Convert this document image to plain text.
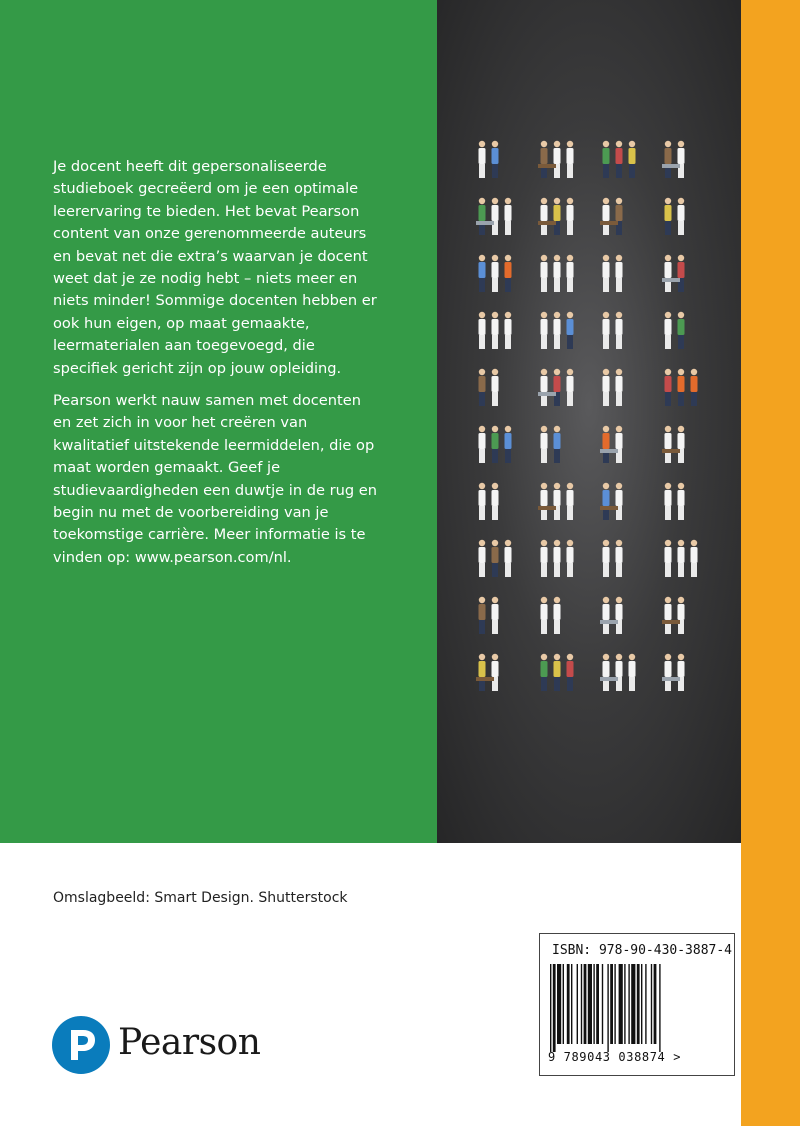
Je docent heeft dit gepersonaliseerde studieboek gecreëerd om je een optimale leerervaring te bieden. Het bevat Pearson content van onze gerenommeerde auteurs en bevat net die extra’s waarvan je docent weet dat je ze nodig hebt – niets meer en niets minder! Sommige docenten hebben er ook hun eigen, op maat gemaakte, leermaterialen aan toegevoegd, die specifiek gericht zijn op jouw opleiding.

Pearson werkt nauw samen met docenten en zet zich in voor het creëren van kwalitatief uitstekende leermiddelen, die op maat worden gemaakt. Geef je studievaardigheden een duwtje in de rug en begin nu met de voorbereiding van je toekomstige carrière. Meer informatie is te vinden op: www.pearson.com/nl.

Omslagbeeld: Smart Design. Shutterstock
Pearson
ISBN: 978-90-430-3887-4
9 789043 038874 >
